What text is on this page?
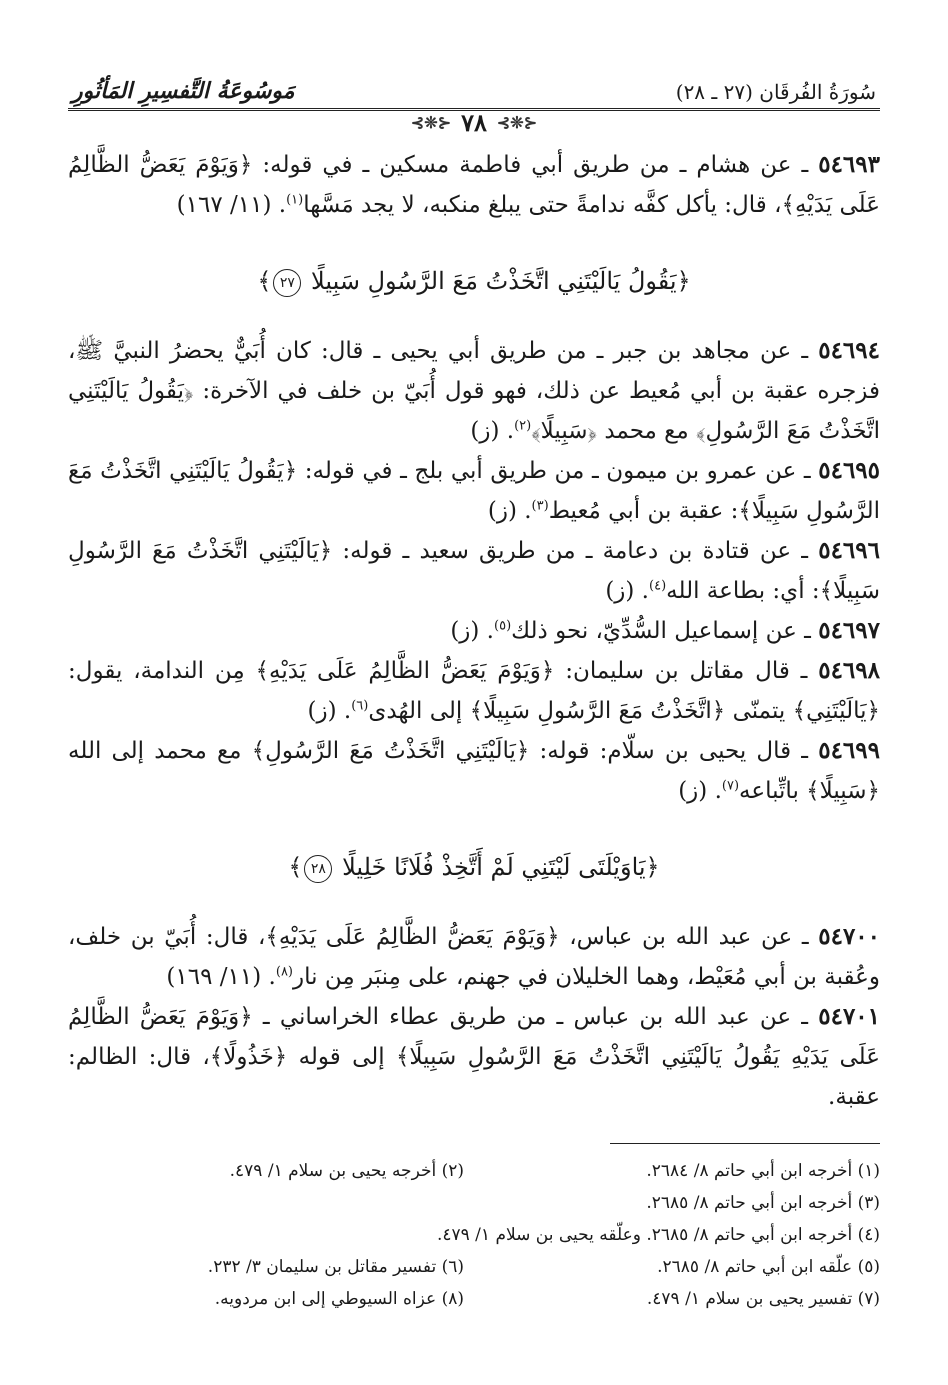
سُورَةُ الفُرقَان (٢٧ ـ ٢٨)
مَوسُوعَةُ التَّفسِيرِ المَأثُورِ
⊰❊⊱
٧٨
⊰❊⊱

٥٤٦٩٣ ـ عن هشام ـ من طريق أبي فاطمة مسكين ـ في قوله: ﴿وَيَوْمَ يَعَضُّ الظَّالِمُ عَلَى يَدَيْهِ﴾، قال: يأكل كفَّه ندامةً حتى يبلغ منكبه، لا يجد مَسَّها$^{(١)}$. (١١/ ١٦٧)

﴿يَقُولُ يَالَيْتَنِي اتَّخَذْتُ مَعَ الرَّسُولِ سَبِيلًا ٢٧﴾

٥٤٦٩٤ ـ عن مجاهد بن جبر ـ من طريق أبي يحيى ـ قال: كان أُبَيٌّ يحضرُ النبيَّ ﷺ، فزجره عقبة بن أبي مُعيط عن ذلك، فهو قول أُبَيّ بن خلف في الآخرة: ﴿يَقُولُ يَالَيْتَنِي اتَّخَذْتُ مَعَ الرَّسُولِ﴾ مع محمد ﴿سَبِيلًا﴾$^{(٢)}$. (ز)

٥٤٦٩٥ ـ عن عمرو بن ميمون ـ من طريق أبي بلج ـ في قوله: ﴿يَقُولُ يَالَيْتَنِي اتَّخَذْتُ مَعَ الرَّسُولِ سَبِيلًا﴾: عقبة بن أبي مُعيط$^{(٣)}$. (ز)

٥٤٦٩٦ ـ عن قتادة بن دعامة ـ من طريق سعيد ـ قوله: ﴿يَالَيْتَنِي اتَّخَذْتُ مَعَ الرَّسُولِ سَبِيلًا﴾: أي: بطاعة الله$^{(٤)}$. (ز)

٥٤٦٩٧ ـ عن إسماعيل السُّدِّيّ، نحو ذلك$^{(٥)}$. (ز)

٥٤٦٩٨ ـ قال مقاتل بن سليمان: ﴿وَيَوْمَ يَعَضُّ الظَّالِمُ عَلَى يَدَيْهِ﴾ مِن الندامة، يقول: ﴿يَالَيْتَنِي﴾ يتمنّى ﴿اتَّخَذْتُ مَعَ الرَّسُولِ سَبِيلًا﴾ إلى الهُدى$^{(٦)}$. (ز)

٥٤٦٩٩ ـ قال يحيى بن سلّام: قوله: ﴿يَالَيْتَنِي اتَّخَذْتُ مَعَ الرَّسُولِ﴾ مع محمد إلى الله ﴿سَبِيلًا﴾ باتِّباعه$^{(٧)}$. (ز)

﴿يَاوَيْلَتَى لَيْتَنِي لَمْ أَتَّخِذْ فُلَانًا خَلِيلًا ٢٨﴾

٥٤٧٠٠ ـ عن عبد الله بن عباس، ﴿وَيَوْمَ يَعَضُّ الظَّالِمُ عَلَى يَدَيْهِ﴾، قال: أُبَيّ بن خلف، وعُقبة بن أبي مُعَيْط، وهما الخليلان في جهنم، على مِنبَر مِن نار$^{(٨)}$. (١١/ ١٦٩)

٥٤٧٠١ ـ عن عبد الله بن عباس ـ من طريق عطاء الخراساني ـ ﴿وَيَوْمَ يَعَضُّ الظَّالِمُ عَلَى يَدَيْهِ يَقُولُ يَالَيْتَنِي اتَّخَذْتُ مَعَ الرَّسُولِ سَبِيلًا﴾ إلى قوله ﴿خَذُولًا﴾، قال: الظالم: عقبة.

(١) أخرجه ابن أبي حاتم ٨/ ٢٦٨٤.
(٢) أخرجه يحيى بن سلام ١/ ٤٧٩.
(٣) أخرجه ابن أبي حاتم ٨/ ٢٦٨٥.
(٤) أخرجه ابن أبي حاتم ٨/ ٢٦٨٥. وعلّقه يحيى بن سلام ١/ ٤٧٩.
(٥) علّقه ابن أبي حاتم ٨/ ٢٦٨٥.
(٦) تفسير مقاتل بن سليمان ٣/ ٢٣٢.
(٧) تفسير يحيى بن سلام ١/ ٤٧٩.
(٨) عزاه السيوطي إلى ابن مردويه.
